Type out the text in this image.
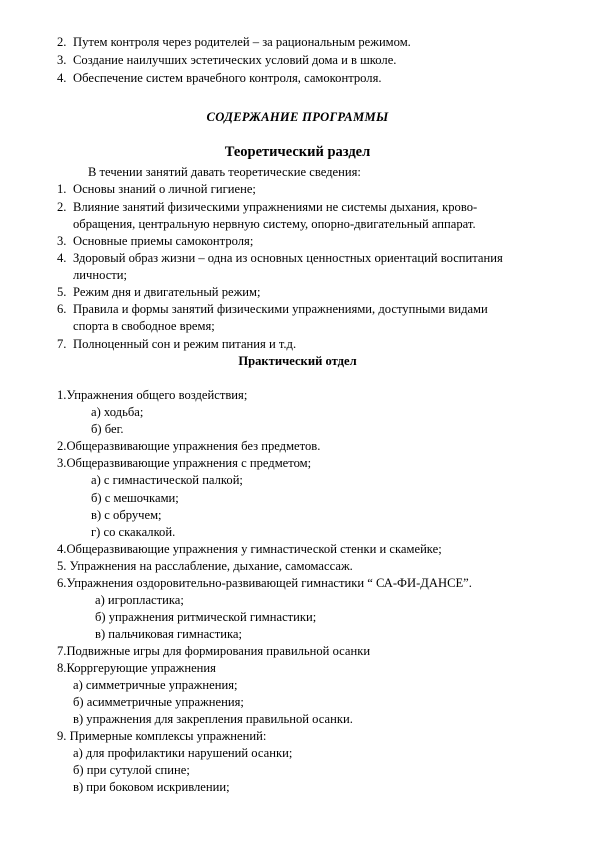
2. Путем контроля через родителей – за рациональным режимом.
3. Создание наилучших эстетических условий дома и в школе.
4. Обеспечение систем врачебного контроля, самоконтроля.
СОДЕРЖАНИЕ ПРОГРАММЫ
Теоретический раздел
В течении занятий давать теоретические сведения:
1. Основы знаний о личной гигиене;
2. Влияние занятий физическими упражнениями не системы дыхания, крово-
обращения, центральную нервную систему, опорно-двигательный аппарат.
3. Основные приемы самоконтроля;
4. Здоровый образ жизни – одна из основных ценностных ориентаций воспитания
личности;
5. Режим дня и двигательный режим;
6. Правила и формы занятий физическими упражнениями, доступными видами
спорта в свободное время;
7. Полноценный сон и режим питания и т.д.
Практический отдел
1.Упражнения общего воздействия;
а) ходьба;
б) бег.
2.Общеразвивающие упражнения без предметов.
3.Общеразвивающие упражнения с предметом;
а) с гимнастической палкой;
б) с мешочками;
в) с обручем;
г) со скакалкой.
4.Общеразвивающие упражнения у гимнастической стенки и скамейке;
5. Упражнения на расслабление, дыхание, самомассаж.
6.Упражнения оздоровительно-развивающей гимнастики “ СА-ФИ-ДАНСЕ”.
а) игропластика;
б) упражнения ритмической гимнастики;
в) пальчиковая гимнастика;
7.Подвижные игры для формирования правильной осанки
8.Корргерующие упражнения
а) симметричные упражнения;
б) асимметричные упражнения;
в) упражнения для закрепления правильной осанки.
9. Примерные комплексы упражнений:
а) для профилактики нарушений осанки;
б) при сутулой спине;
в) при боковом искривлении;
